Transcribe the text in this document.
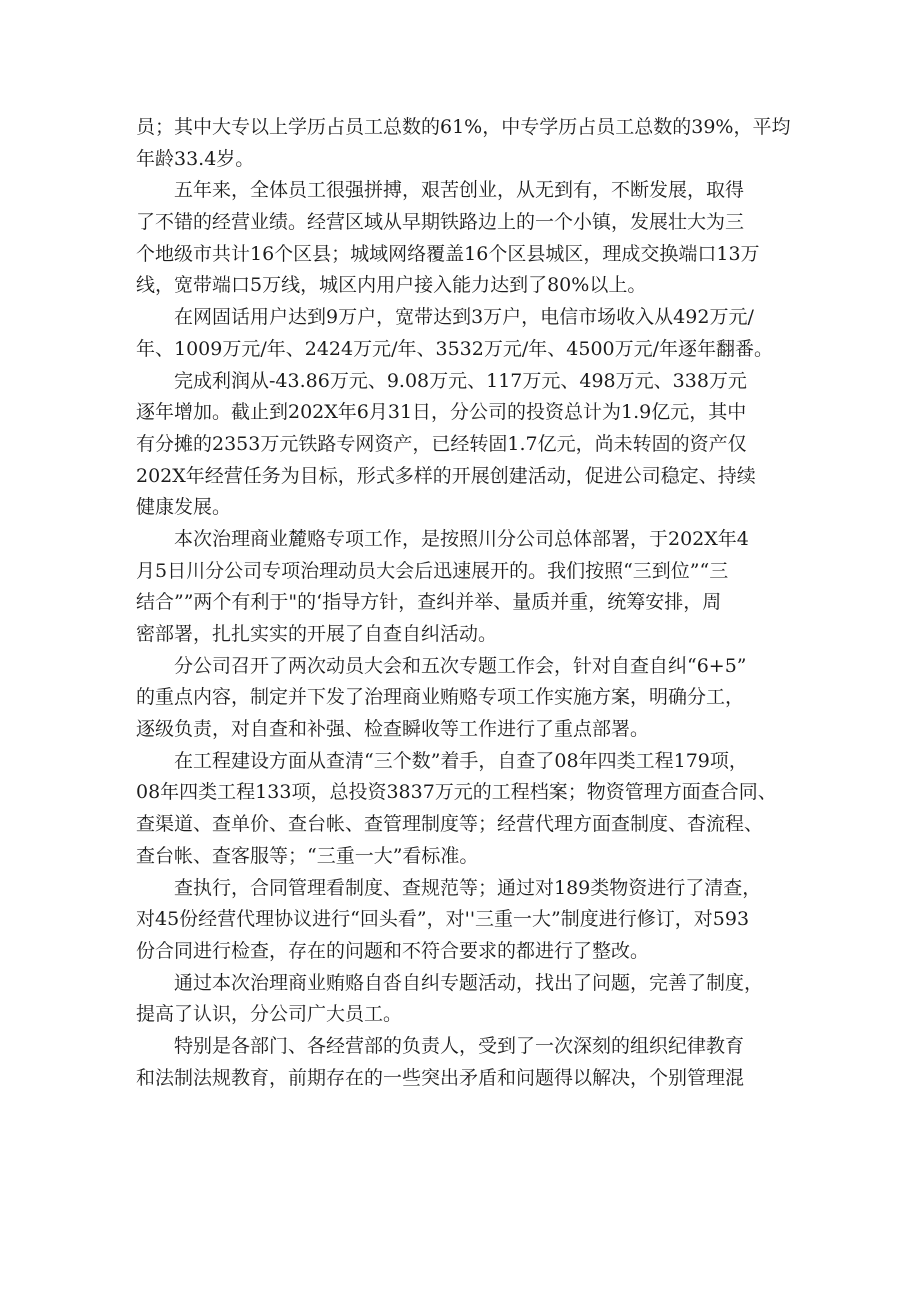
员；其中大专以上学历占员工总数的61%，中专学历占员工总数的39%，平均
年龄33.4岁。
五年来，全体员工很强拼搏，艰苦创业，从无到有，不断发展，取得
了不错的经营业绩。经营区域从早期铁路边上的一个小镇，发展壮大为三
个地级市共计16个区县；城域网络覆盖16个区县城区，理成交换端口13万
线，宽带端口5万线，城区内用户接入能力达到了80%以上。
在网固话用户达到9万户，宽带达到3万户，电信市场收入从492万元/
年、1009万元/年、2424万元/年、3532万元/年、4500万元/年逐年翻番。
完成利润从-43.86万元、9.08万元、117万元、498万元、338万元
逐年增加。截止到202X年6月31日，分公司的投资总计为1.9亿元，其中
有分摊的2353万元铁路专网资产，已经转固1.7亿元，尚未转固的资产仅
202X年经营任务为目标，形式多样的开展创建活动，促进公司稳定、持续
健康发展。
本次治理商业麓赂专项工作，是按照川分公司总体部署，于202X年4
月5日川分公司专项治理动员大会后迅速展开的。我们按照“三到位”“三
结合””两个有利于"的‘指导方针，查纠并举、量质并重，统筹安排，周
密部署，扎扎实实的开展了自查自纠活动。
分公司召开了两次动员大会和五次专题工作会，针对自查自纠“6+5”
的重点内容，制定并下发了治理商业贿赂专项工作实施方案，明确分工，
逐级负责，对自查和补强、检查瞬收等工作进行了重点部署。
在工程建设方面从查清“三个数”着手，自查了08年四类工程179项，
08年四类工程133项，总投资3837万元的工程档案；物资管理方面查合同、
查渠道、查单价、查台帐、查管理制度等；经营代理方面查制度、杳流程、
查台帐、查客服等；“三重一大”看标准。
查执行，合同管理看制度、查规范等；通过对189类物资进行了清查，
对45份经营代理协议进行“回头看”，对''三重一大”制度进行修订，对593
份合同进行检查，存在的问题和不符合要求的都进行了整改。
通过本次治理商业贿赂自沓自纠专题活动，找出了问题，完善了制度，
提高了认识，分公司广大员工。
特别是各部门、各经营部的负责人，受到了一次深刻的组织纪律教育
和法制法规教育，前期存在的一些突出矛盾和问题得以解决，个别管理混
